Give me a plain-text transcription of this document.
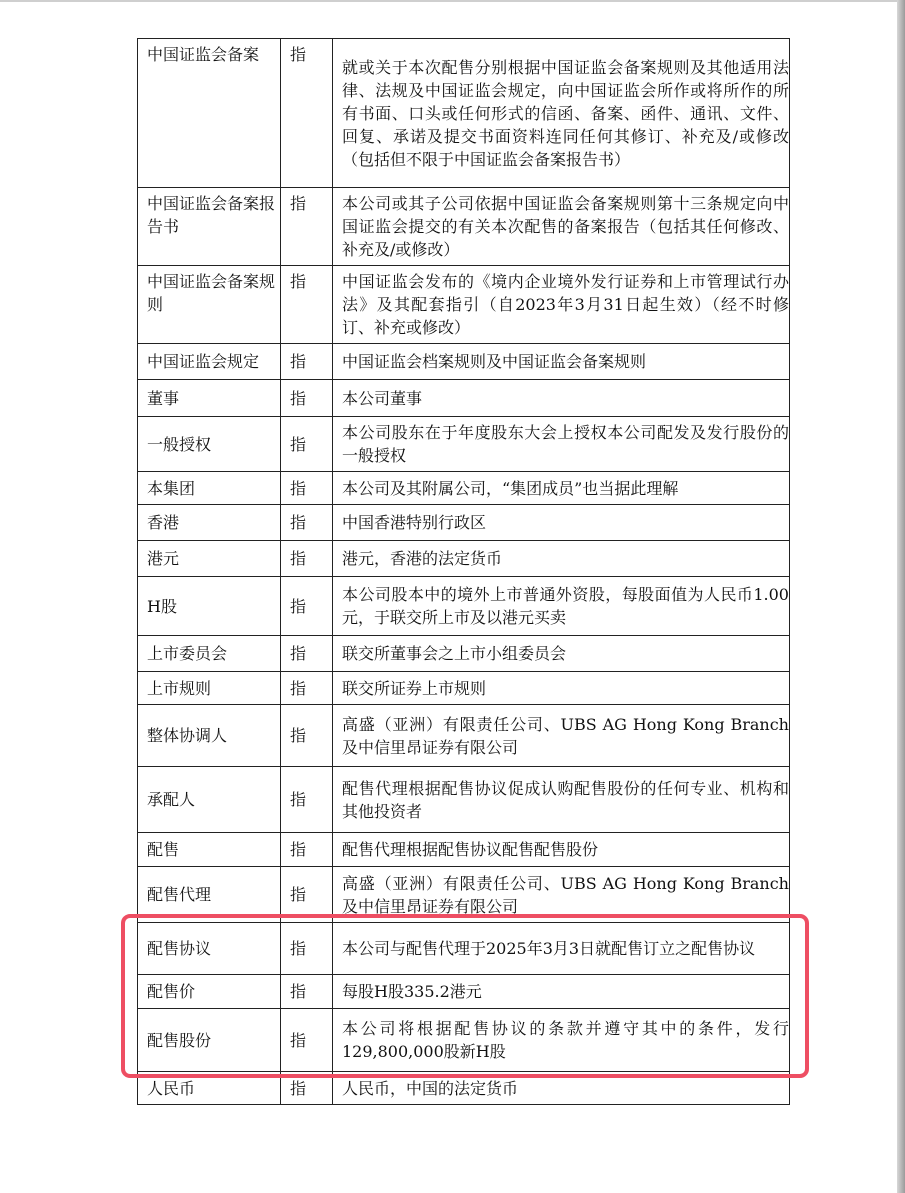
中国证监会备案	指	就或关于本次配售分别根据中国证监会备案规则及其他适用法律、法规及中国证监会规定，向中国证监会所作或将所作的所有书面、口头或任何形式的信函、备案、函件、通讯、文件、回复、承诺及提交书面资料连同任何其修订、补充及/或修改（包括但不限于中国证监会备案报告书）
中国证监会备案报告书	指	本公司或其子公司依据中国证监会备案规则第十三条规定向中国证监会提交的有关本次配售的备案报告（包括其任何修改、补充及/或修改）
中国证监会备案规则	指	中国证监会发布的《境内企业境外发行证券和上市管理试行办法》及其配套指引（自2023年3月31日起生效）（经不时修订、补充或修改）
中国证监会规定	指	中国证监会档案规则及中国证监会备案规则
董事	指	本公司董事
一般授权	指	本公司股东在于年度股东大会上授权本公司配发及发行股份的一般授权
本集团	指	本公司及其附属公司，“集团成员”也当据此理解
香港	指	中国香港特别行政区
港元	指	港元，香港的法定货币
H股	指	本公司股本中的境外上市普通外资股，每股面值为人民币1.00元，于联交所上市及以港元买卖
上市委员会	指	联交所董事会之上市小组委员会
上市规则	指	联交所证券上市规则
整体协调人	指	高盛（亚洲）有限责任公司、UBS AG Hong Kong Branch及中信里昂证券有限公司
承配人	指	配售代理根据配售协议促成认购配售股份的任何专业、机构和其他投资者
配售	指	配售代理根据配售协议配售配售股份
配售代理	指	高盛（亚洲）有限责任公司、UBS AG Hong Kong Branch及中信里昂证券有限公司
配售协议	指	本公司与配售代理于2025年3月3日就配售订立之配售协议
配售价	指	每股H股335.2港元
配售股份	指	本公司将根据配售协议的条款并遵守其中的条件，发行129,800,000股新H股
人民币	指	人民币，中国的法定货币
